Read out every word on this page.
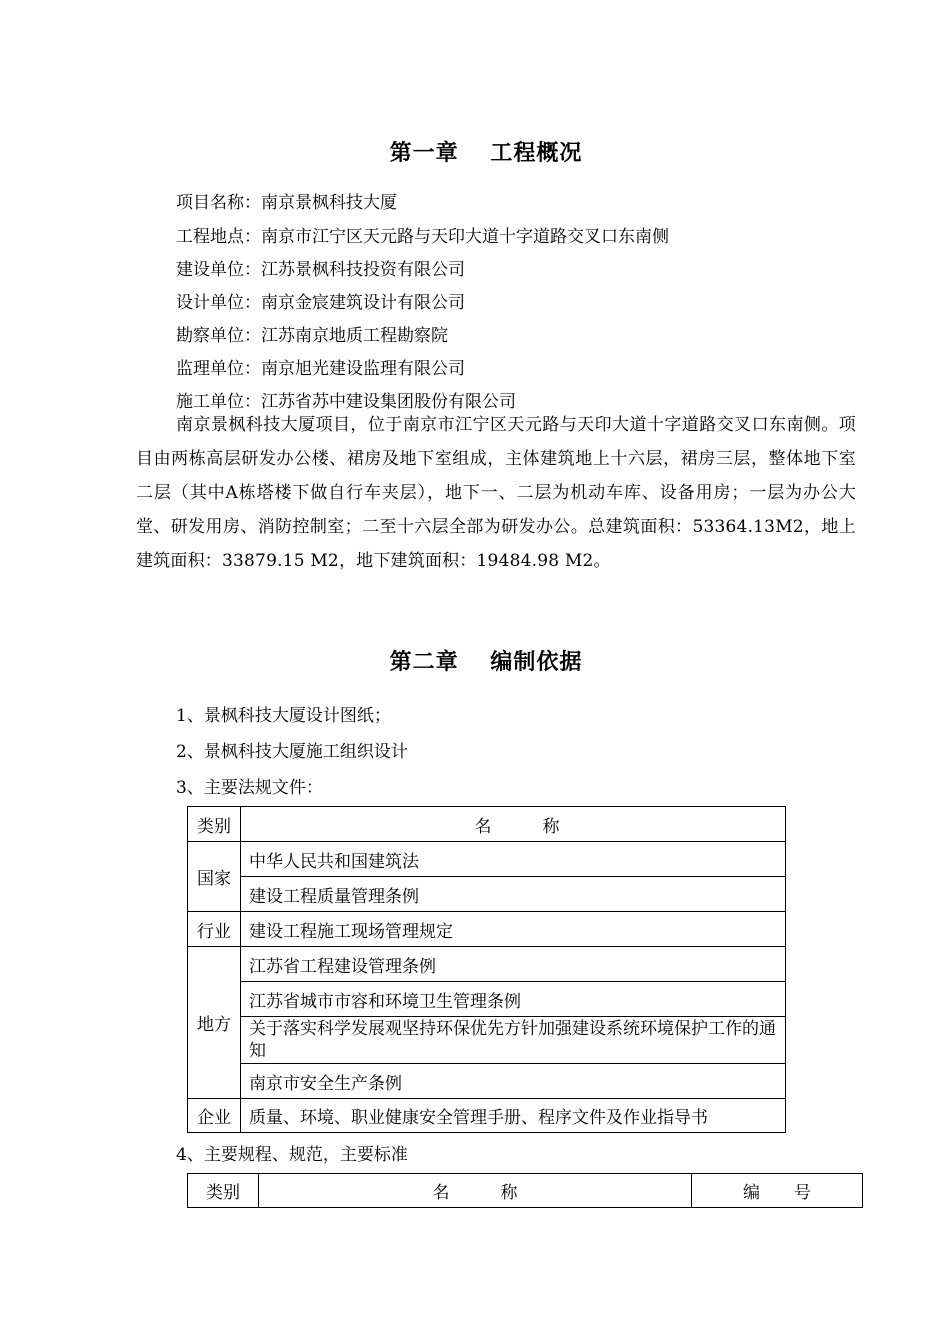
第一章　 工程概况
项目名称：南京景枫科技大厦
工程地点：南京市江宁区天元路与天印大道十字道路交叉口东南侧
建设单位：江苏景枫科技投资有限公司
设计单位：南京金宸建筑设计有限公司
勘察单位：江苏南京地质工程勘察院
监理单位：南京旭光建设监理有限公司
施工单位：江苏省苏中建设集团股份有限公司
南京景枫科技大厦项目，位于南京市江宁区天元路与天印大道十字道路交叉口东南侧。项目由两栋高层研发办公楼、裙房及地下室组成，主体建筑地上十六层，裙房三层，整体地下室二层（其中A栋塔楼下做自行车夹层），地下一、二层为机动车库、设备用房；一层为办公大堂、研发用房、消防控制室；二至十六层全部为研发办公。总建筑面积：53364.13M2，地上建筑面积：33879.15 M2，地下建筑面积：19484.98 M2。
第二章　 编制依据
1、景枫科技大厦设计图纸；
2、景枫科技大厦施工组织设计
3、主要法规文件：
类别	名　　　称
国家	中华人民共和国建筑法
	建设工程质量管理条例
行业	建设工程施工现场管理规定
地方	江苏省工程建设管理条例
	江苏省城市市容和环境卫生管理条例
	关于落实科学发展观坚持环保优先方针加强建设系统环境保护工作的通知
	南京市安全生产条例
企业	质量、环境、职业健康安全管理手册、程序文件及作业指导书
4、主要规程、规范，主要标准
类别	名　　　称	编　　号
